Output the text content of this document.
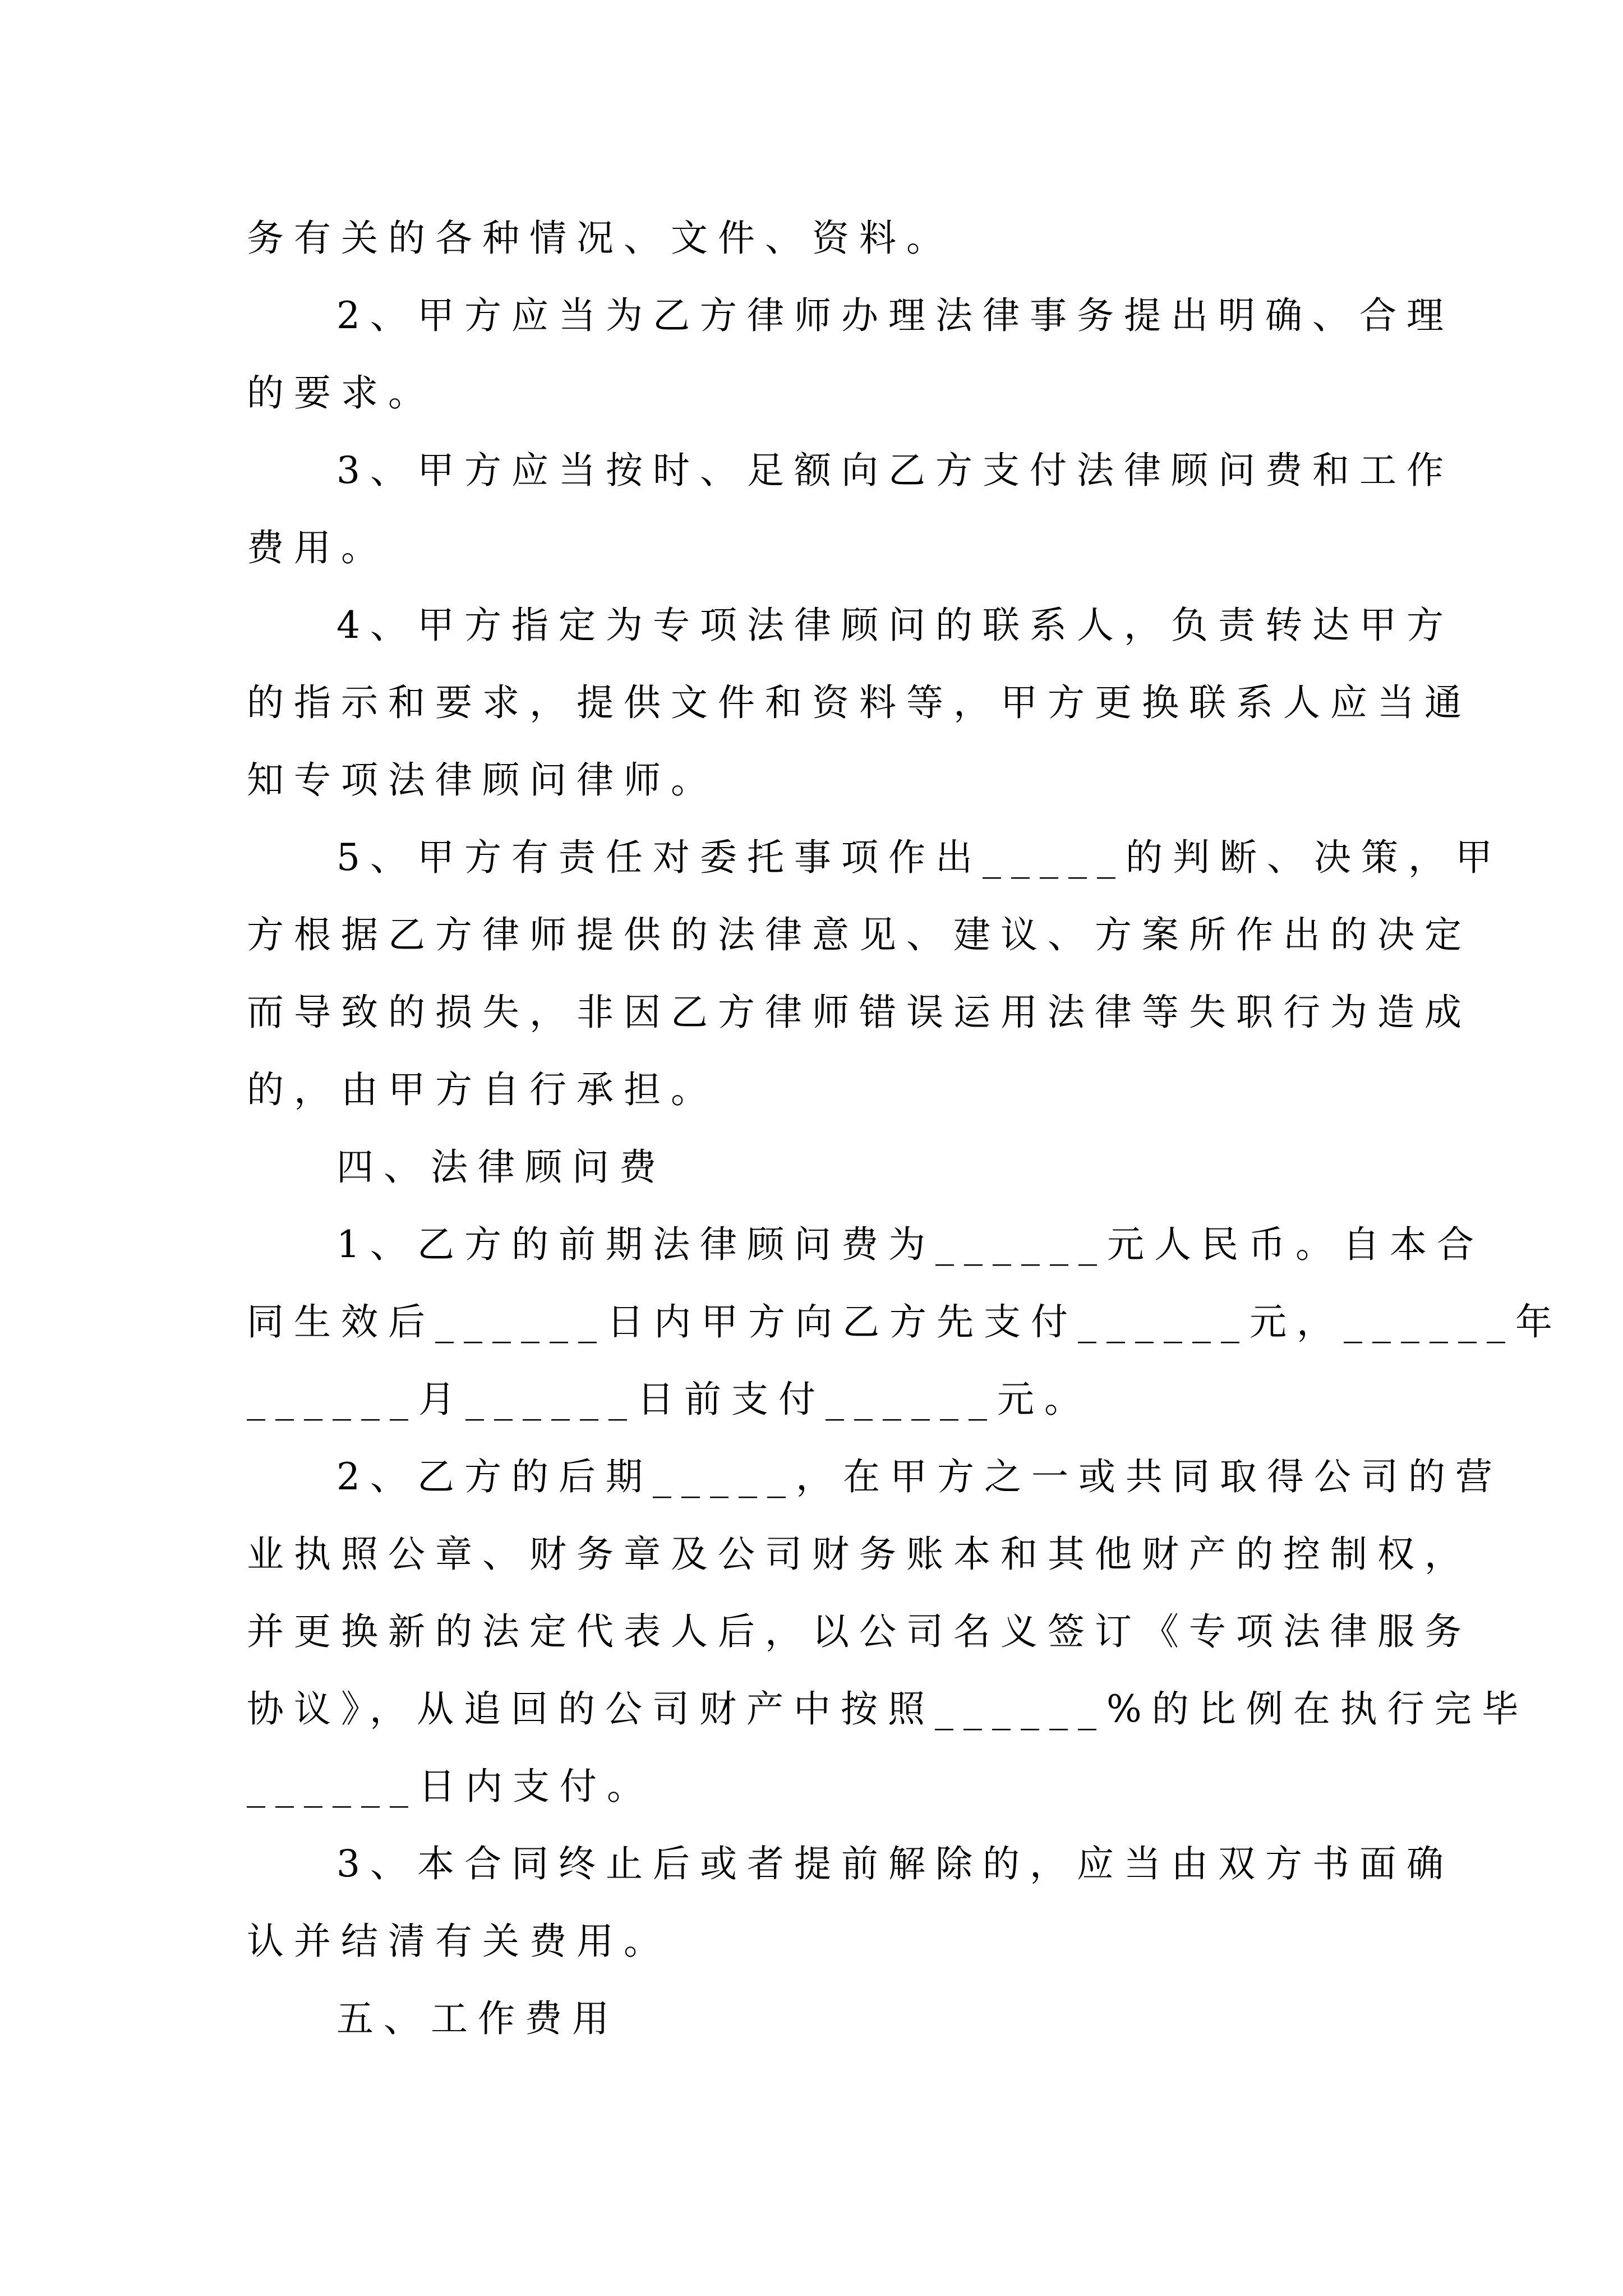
务有关的各种情况、文件、资料。
2、甲方应当为乙方律师办理法律事务提出明确、合理
的要求。
3、甲方应当按时、足额向乙方支付法律顾问费和工作
费用。
4、甲方指定为专项法律顾问的联系人，负责转达甲方
的指示和要求，提供文件和资料等，甲方更换联系人应当通
知专项法律顾问律师。
5、甲方有责任对委托事项作出_____的判断、决策，甲
方根据乙方律师提供的法律意见、建议、方案所作出的决定
而导致的损失，非因乙方律师错误运用法律等失职行为造成
的，由甲方自行承担。
四、法律顾问费
1、乙方的前期法律顾问费为______元人民币。自本合
同生效后______日内甲方向乙方先支付______元，______年
______月______日前支付______元。
2、乙方的后期_____，在甲方之一或共同取得公司的营
业执照公章、财务章及公司财务账本和其他财产的控制权，
并更换新的法定代表人后，以公司名义签订《专项法律服务
协议》，从追回的公司财产中按照______%的比例在执行完毕
______日内支付。
3、本合同终止后或者提前解除的，应当由双方书面确
认并结清有关费用。
五、工作费用
